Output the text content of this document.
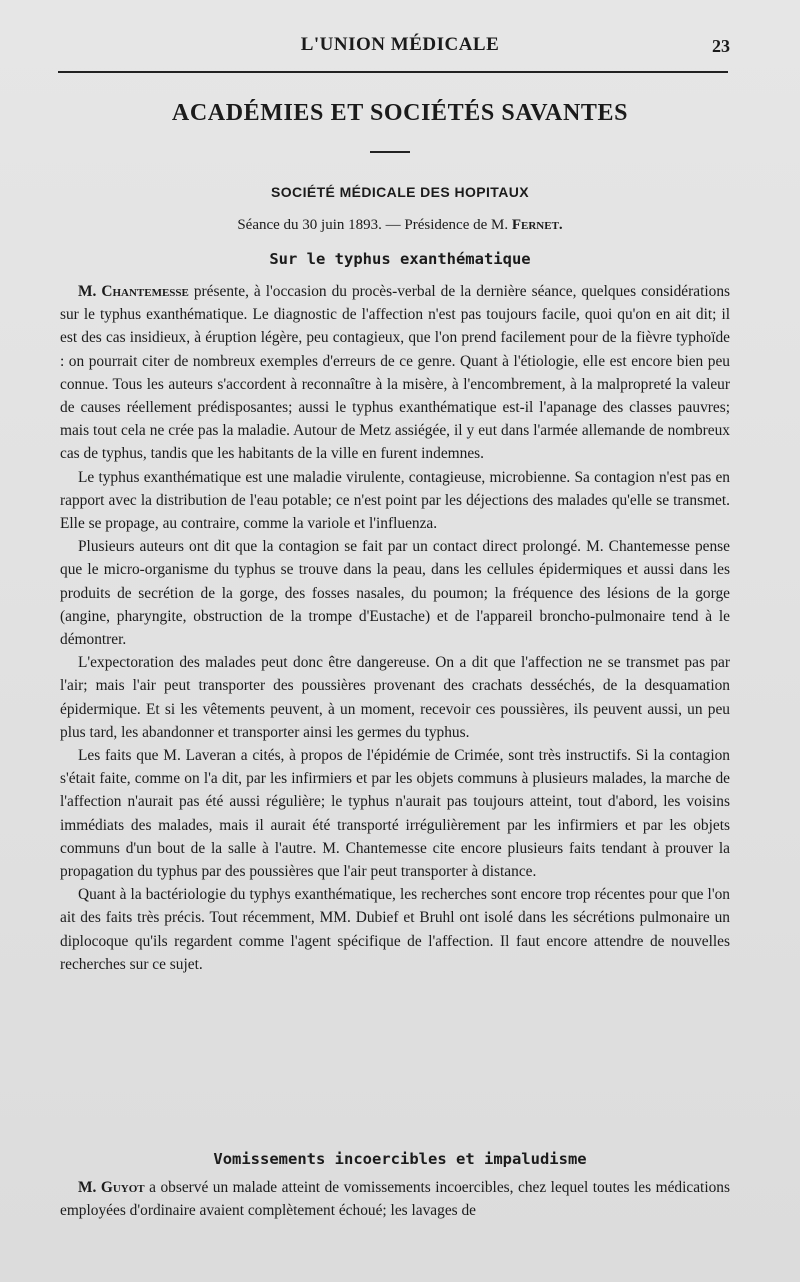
L'UNION MÉDICALE	23
ACADÉMIES ET SOCIÉTÉS SAVANTES
SOCIÉTÉ MÉDICALE DES HOPITAUX
Séance du 30 juin 1893. — Présidence de M. Fernet.
Sur le typhus exanthématique

M. Chantemesse présente, à l'occasion du procès-verbal de la dernière séance, quelques considérations sur le typhus exanthématique. Le diagnostic de l'affection n'est pas toujours facile, quoi qu'on en ait dit; il est des cas insidieux, à éruption légère, peu contagieux, que l'on prend facilement pour de la fièvre typhoïde : on pourrait citer de nombreux exemples d'erreurs de ce genre. Quant à l'étiologie, elle est encore bien peu connue. Tous les auteurs s'accordent à reconnaître à la misère, à l'encombrement, à la malpropreté la valeur de causes réellement prédisposantes; aussi le typhus exanthématique est-il l'apanage des classes pauvres; mais tout cela ne crée pas la maladie. Autour de Metz assiégée, il y eut dans l'armée allemande de nombreux cas de typhus, tandis que les habitants de la ville en furent indemnes.

Le typhus exanthématique est une maladie virulente, contagieuse, microbienne. Sa contagion n'est pas en rapport avec la distribution de l'eau potable; ce n'est point par les déjections des malades qu'elle se transmet. Elle se propage, au contraire, comme la variole et l'influenza.

Plusieurs auteurs ont dit que la contagion se fait par un contact direct prolongé. M. Chantemesse pense que le micro-organisme du typhus se trouve dans la peau, dans les cellules épidermiques et aussi dans les produits de secrétion de la gorge, des fosses nasales, du poumon; la fréquence des lésions de la gorge (angine, pharyngite, obstruction de la trompe d'Eustache) et de l'appareil broncho-pulmonaire tend à le démontrer.

L'expectoration des malades peut donc être dangereuse. On a dit que l'affection ne se transmet pas par l'air; mais l'air peut transporter des poussières provenant des crachats desséchés, de la desquamation épidermique. Et si les vêtements peuvent, à un moment, recevoir ces poussières, ils peuvent aussi, un peu plus tard, les abandonner et transporter ainsi les germes du typhus.

Les faits que M. Laveran a cités, à propos de l'épidémie de Crimée, sont très instructifs. Si la contagion s'était faite, comme on l'a dit, par les infirmiers et par les objets communs à plusieurs malades, la marche de l'affection n'aurait pas été aussi régulière; le typhus n'aurait pas toujours atteint, tout d'abord, les voisins immédiats des malades, mais il aurait été transporté irrégulièrement par les infirmiers et par les objets communs d'un bout de la salle à l'autre. M. Chantemesse cite encore plusieurs faits tendant à prouver la propagation du typhus par des poussières que l'air peut transporter à distance.

Quant à la bactériologie du typhys exanthématique, les recherches sont encore trop récentes pour que l'on ait des faits très précis. Tout récemment, MM. Dubief et Bruhl ont isolé dans les sécrétions pulmonaire un diplocoque qu'ils regardent comme l'agent spécifique de l'affection. Il faut encore attendre de nouvelles recherches sur ce sujet.

Vomissements incoercibles et impaludisme

M. Guyot a observé un malade atteint de vomissements incoercibles, chez lequel toutes les médications employées d'ordinaire avaient complètement échoué; les lavages de
